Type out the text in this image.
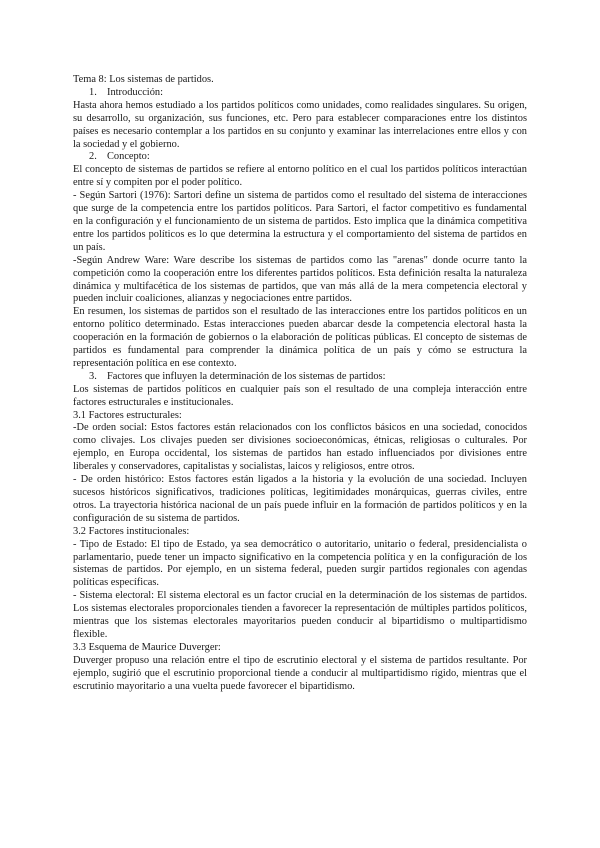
Tema 8: Los sistemas de partidos.

1. Introducción:

Hasta ahora hemos estudiado a los partidos políticos como unidades, como realidades singulares. Su origen, su desarrollo, su organización, sus funciones, etc. Pero para establecer comparaciones entre los distintos países es necesario contemplar a los partidos en su conjunto y examinar las interrelaciones entre ellos y con la sociedad y el gobierno.

2. Concepto:

El concepto de sistemas de partidos se refiere al entorno político en el cual los partidos políticos interactúan entre sí y compiten por el poder político.

- Según Sartori (1976): Sartori define un sistema de partidos como el resultado del sistema de interacciones que surge de la competencia entre los partidos políticos. Para Sartori, el factor competitivo es fundamental en la configuración y el funcionamiento de un sistema de partidos. Esto implica que la dinámica competitiva entre los partidos políticos es lo que determina la estructura y el comportamiento del sistema de partidos en un país.

-Según Andrew Ware: Ware describe los sistemas de partidos como las "arenas" donde ocurre tanto la competición como la cooperación entre los diferentes partidos políticos. Esta definición resalta la naturaleza dinámica y multifacética de los sistemas de partidos, que van más allá de la mera competencia electoral y pueden incluir coaliciones, alianzas y negociaciones entre partidos.

En resumen, los sistemas de partidos son el resultado de las interacciones entre los partidos políticos en un entorno político determinado. Estas interacciones pueden abarcar desde la competencia electoral hasta la cooperación en la formación de gobiernos o la elaboración de políticas públicas. El concepto de sistemas de partidos es fundamental para comprender la dinámica política de un país y cómo se estructura la representación política en ese contexto.

3. Factores que influyen la determinación de los sistemas de partidos:

Los sistemas de partidos políticos en cualquier país son el resultado de una compleja interacción entre factores estructurales e institucionales.

3.1 Factores estructurales:

-De orden social: Estos factores están relacionados con los conflictos básicos en una sociedad, conocidos como clivajes. Los clivajes pueden ser divisiones socioeconómicas, étnicas, religiosas o culturales. Por ejemplo, en Europa occidental, los sistemas de partidos han estado influenciados por divisiones entre liberales y conservadores, capitalistas y socialistas, laicos y religiosos, entre otros.

- De orden histórico: Estos factores están ligados a la historia y la evolución de una sociedad. Incluyen sucesos históricos significativos, tradiciones políticas, legitimidades monárquicas, guerras civiles, entre otros. La trayectoria histórica nacional de un país puede influir en la formación de partidos políticos y en la configuración de su sistema de partidos.

3.2 Factores institucionales:

- Tipo de Estado: El tipo de Estado, ya sea democrático o autoritario, unitario o federal, presidencialista o parlamentario, puede tener un impacto significativo en la competencia política y en la configuración de los sistemas de partidos. Por ejemplo, en un sistema federal, pueden surgir partidos regionales con agendas políticas específicas.

- Sistema electoral: El sistema electoral es un factor crucial en la determinación de los sistemas de partidos. Los sistemas electorales proporcionales tienden a favorecer la representación de múltiples partidos políticos, mientras que los sistemas electorales mayoritarios pueden conducir al bipartidismo o multipartidismo flexible.

3.3 Esquema de Maurice Duverger:

Duverger propuso una relación entre el tipo de escrutinio electoral y el sistema de partidos resultante. Por ejemplo, sugirió que el escrutinio proporcional tiende a conducir al multipartidismo rígido, mientras que el escrutinio mayoritario a una vuelta puede favorecer el bipartidismo.
